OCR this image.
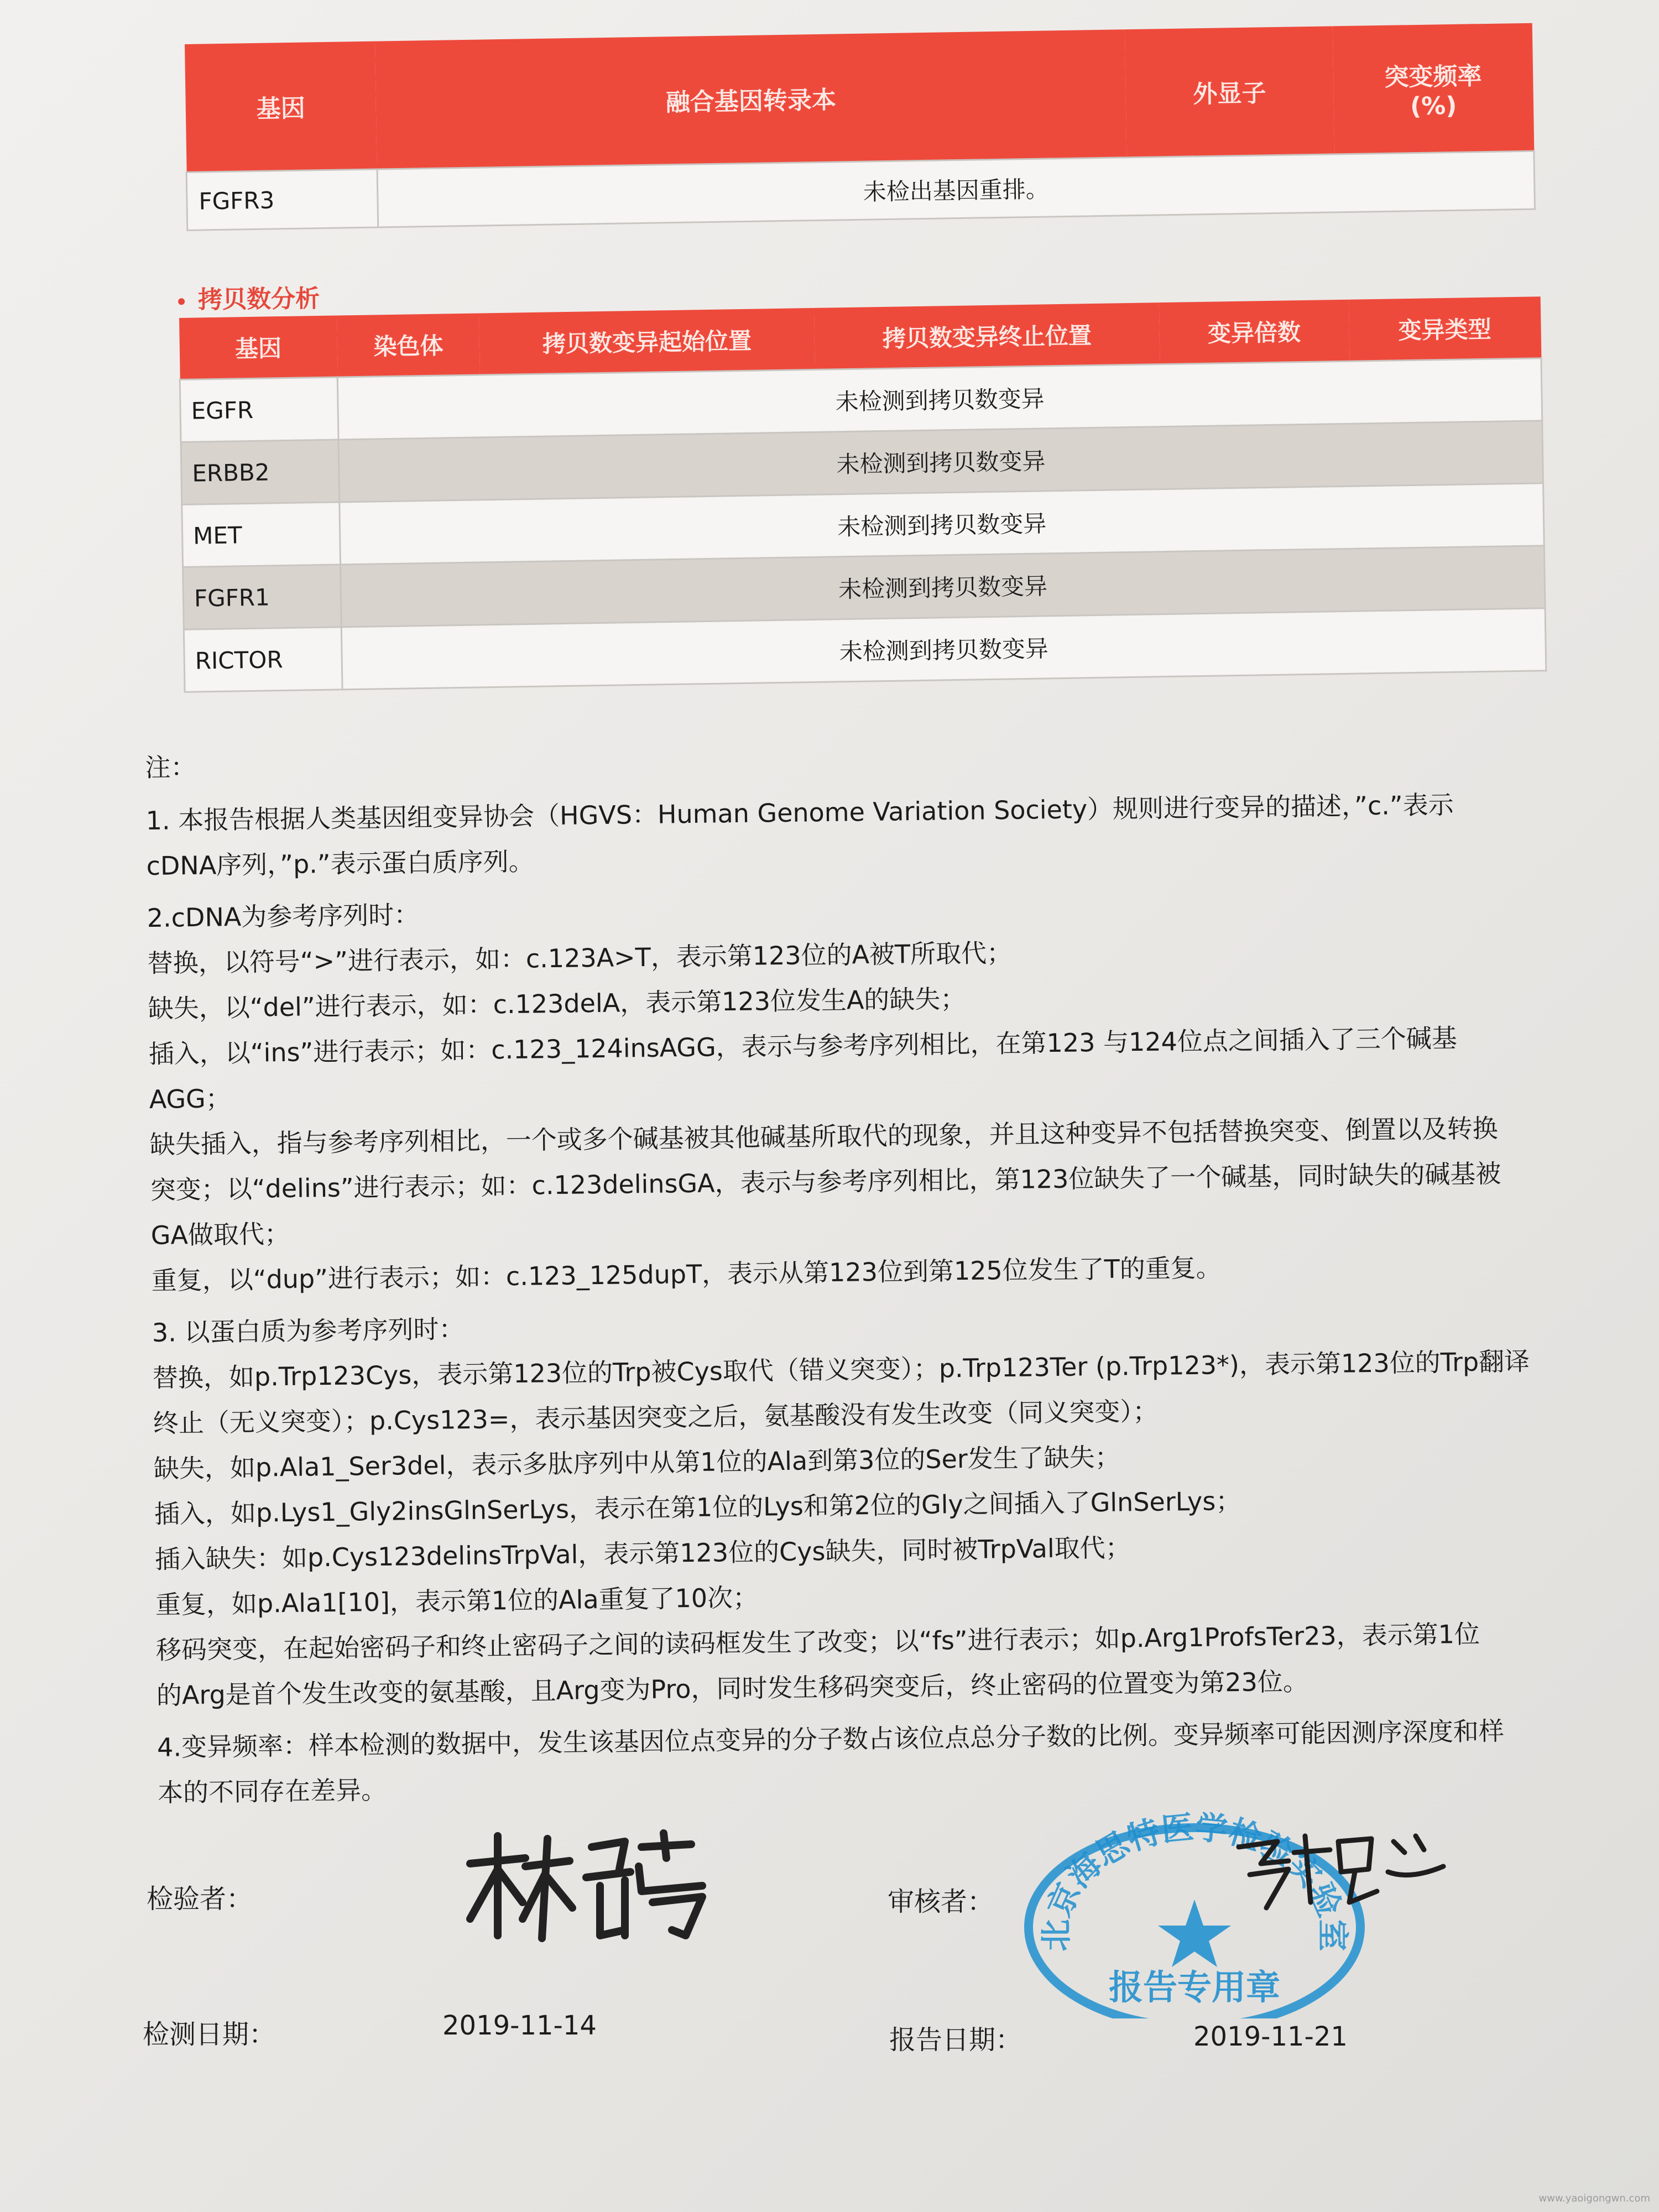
基因	融合基因转录本	外显子	突变频率
(%)
FGFR3	未检出基因重排。		
拷贝数分析
基因	染色体	拷贝数变异起始位置	拷贝数变异终止位置	变异倍数	变异类型
EGFR	未检测到拷贝数变异				
ERBB2	未检测到拷贝数变异				
MET	未检测到拷贝数变异				
FGFR1	未检测到拷贝数变异				
RICTOR	未检测到拷贝数变异				

注：

1. 本报告根据人类基因组变异协会（HGVS：Human Genome Variation Society）规则进行变异的描述，”c.”表示

cDNA序列，”p.”表示蛋白质序列。

2.cDNA为参考序列时：

替换，以符号“>”进行表示，如：c.123A>T，表示第123位的A被T所取代；

缺失，以“del”进行表示，如：c.123delA，表示第123位发生A的缺失；

插入，以“ins”进行表示；如：c.123_124insAGG，表示与参考序列相比，在第123 与124位点之间插入了三个碱基

AGG；

缺失插入，指与参考序列相比，一个或多个碱基被其他碱基所取代的现象，并且这种变异不包括替换突变、倒置以及转换

突变；以“delins”进行表示；如：c.123delinsGA，表示与参考序列相比，第123位缺失了一个碱基，同时缺失的碱基被

GA做取代；

重复，以“dup”进行表示；如：c.123_125dupT，表示从第123位到第125位发生了T的重复。

3. 以蛋白质为参考序列时：

替换，如p.Trp123Cys，表示第123位的Trp被Cys取代（错义突变）；p.Trp123Ter (p.Trp123*)，表示第123位的Trp翻译

终止（无义突变）；p.Cys123=，表示基因突变之后，氨基酸没有发生改变（同义突变）；

缺失，如p.Ala1_Ser3del，表示多肽序列中从第1位的Ala到第3位的Ser发生了缺失；

插入，如p.Lys1_Gly2insGlnSerLys，表示在第1位的Lys和第2位的Gly之间插入了GlnSerLys；

插入缺失：如p.Cys123delinsTrpVal，表示第123位的Cys缺失，同时被TrpVal取代；

重复，如p.Ala1[10]，表示第1位的Ala重复了10次；

移码突变，在起始密码子和终止密码子之间的读码框发生了改变；以“fs”进行表示；如p.Arg1ProfsTer23，表示第1位

的Arg是首个发生改变的氨基酸，且Arg变为Pro，同时发生移码突变后，终止密码的位置变为第23位。

4.变异频率：样本检测的数据中，发生该基因位点变异的分子数占该位点总分子数的比例。变异频率可能因测序深度和样

本的不同存在差异。

检验者：	审核者：
检测日期：	2019-11-14	报告日期：
北京海思特医学检验实验室
报告专用章
2019-11-21
www.yaoigongwn.com
